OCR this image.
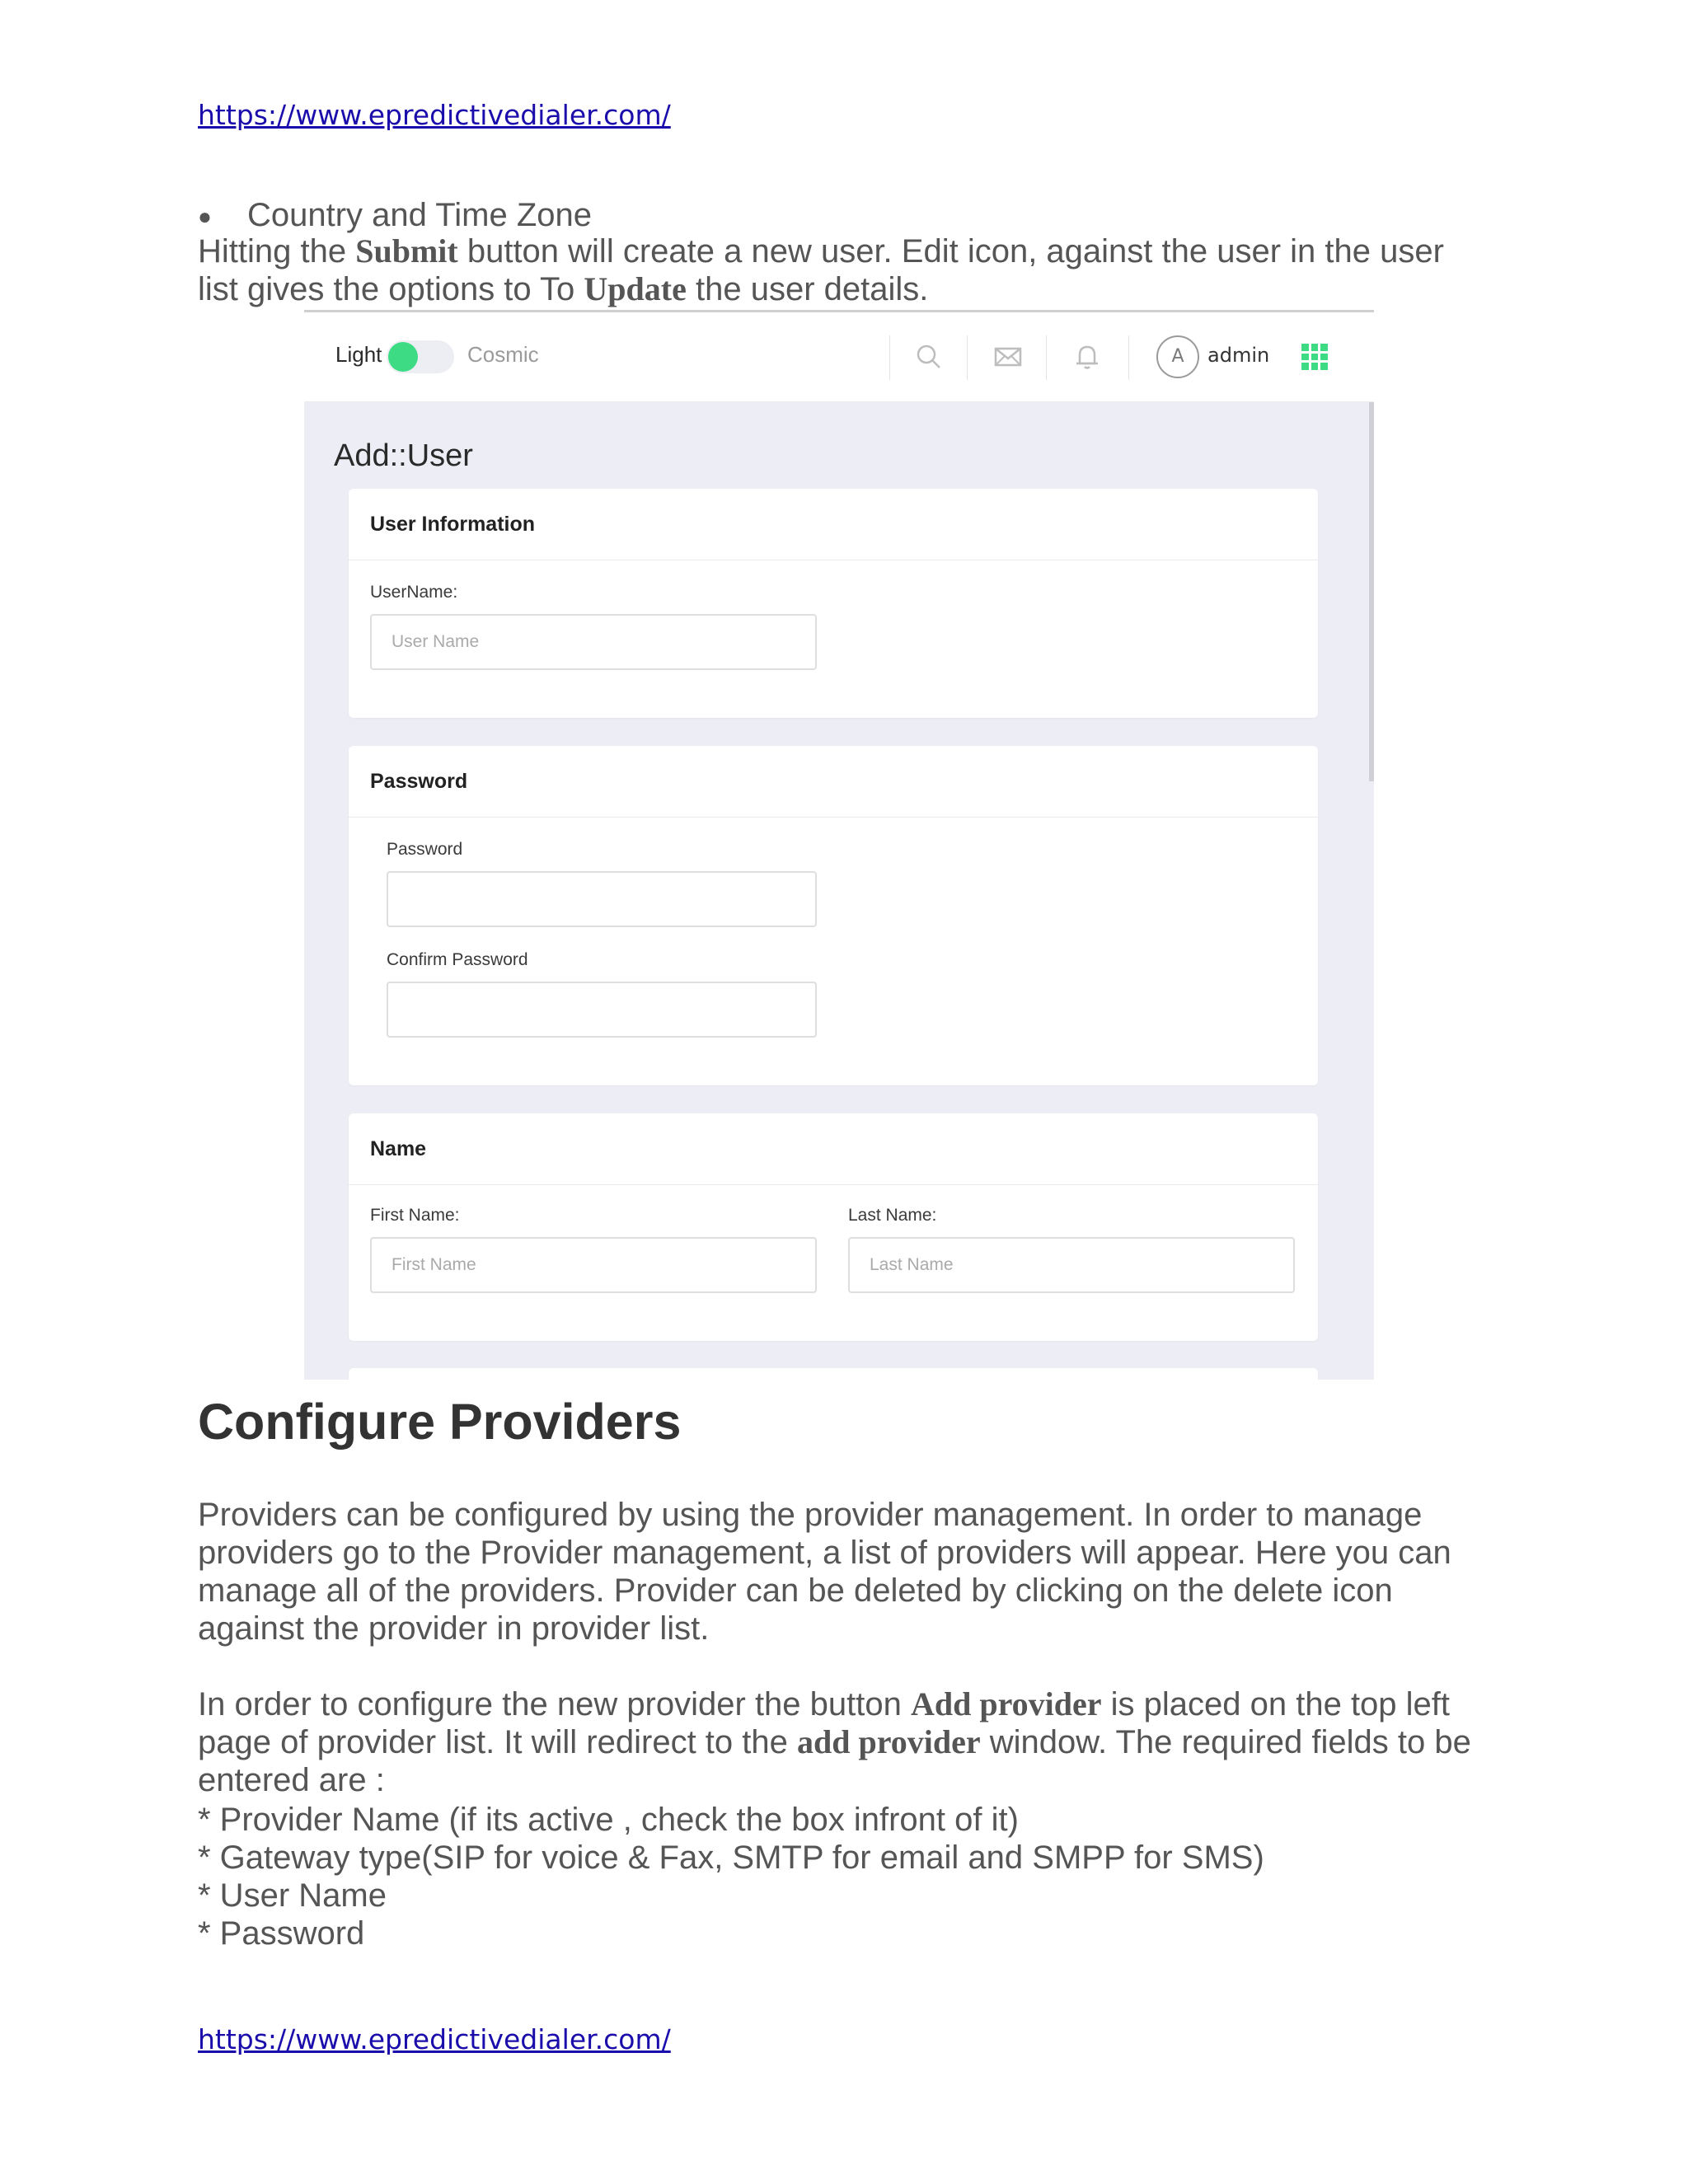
https://www.epredictivedialer.com/
● Country and Time Zone
Hitting the Submit button will create a new user. Edit icon, against the user in the user list gives the options to To Update the user details.
Light	Cosmic	A	admin
Add::User
User Information
UserName:
User Name
Password
Password
Confirm Password
Name
First Name:
First Name
Last Name:
Last Name
Configure Providers
Providers can be configured by using the provider management. In order to manage providers go to the Provider management, a list of providers will appear. Here you can manage all of the providers. Provider can be deleted by clicking on the delete icon against the provider in provider list.
In order to configure the new provider the button Add provider is placed on the top left page of provider list. It will redirect to the add provider window. The required fields to be entered are :
* Provider Name (if its active , check the box infront of it)
* Gateway type(SIP for voice & Fax, SMTP for email and SMPP for SMS)
* User Name
* Password
https://www.epredictivedialer.com/
